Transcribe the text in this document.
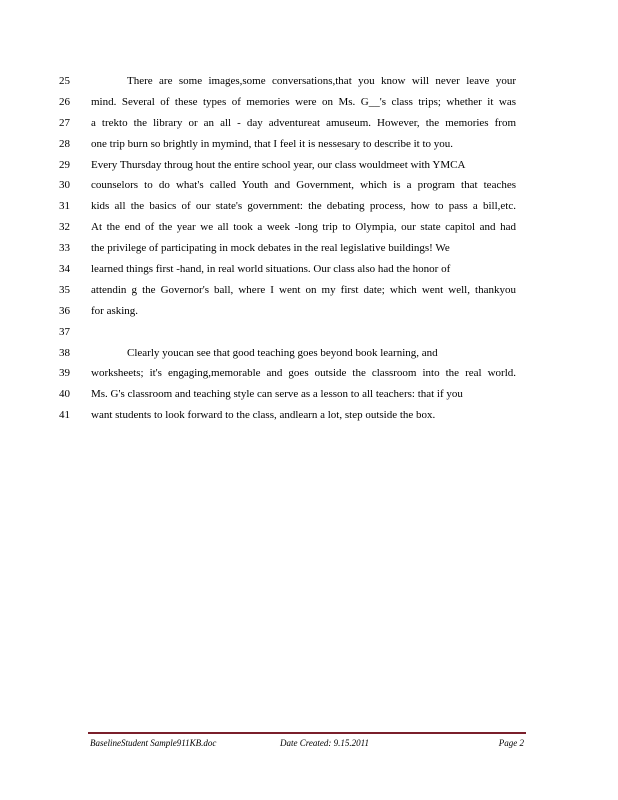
25	There are some images,some conversations,that you know will never leave your
26	mind. Several of these types of memories were on Ms. G__'s class trips; whether it was
27	a trekto the library or an all - day adventureat amuseum. However, the memories from
28	one trip burn so brightly in mymind, that I feel it is nessesary to describe it to you.
29	Every Thursday throug hout the entire school year, our class wouldmeet with YMCA
30	counselors to do what's called Youth and Government, which is a program that teaches
31	kids all the basics of our state's government: the debating process, how to pass a bill,etc.
32	At the end of the year we all took a week -long trip to Olympia, our state capitol and had
33	the privilege of participating in mock debates in the real legislative buildings! We
34	learned things first -hand, in real world situations. Our class also had the honor of
35	attendin g the Governor's ball, where I went on my first date; which went well, thankyou
36	for asking.
37
38	Clearly youcan see that good teaching goes beyond book learning, and
39	worksheets; it's engaging,memorable and goes outside the classroom into the real world.
40	Ms. G's classroom and teaching style can serve as a lesson to all teachers: that if you
41	want students to look forward to the class, andlearn a lot, step outside the box.
BaselineStudent Sample911KB.doc	Date Created: 9.15.2011	Page 2
